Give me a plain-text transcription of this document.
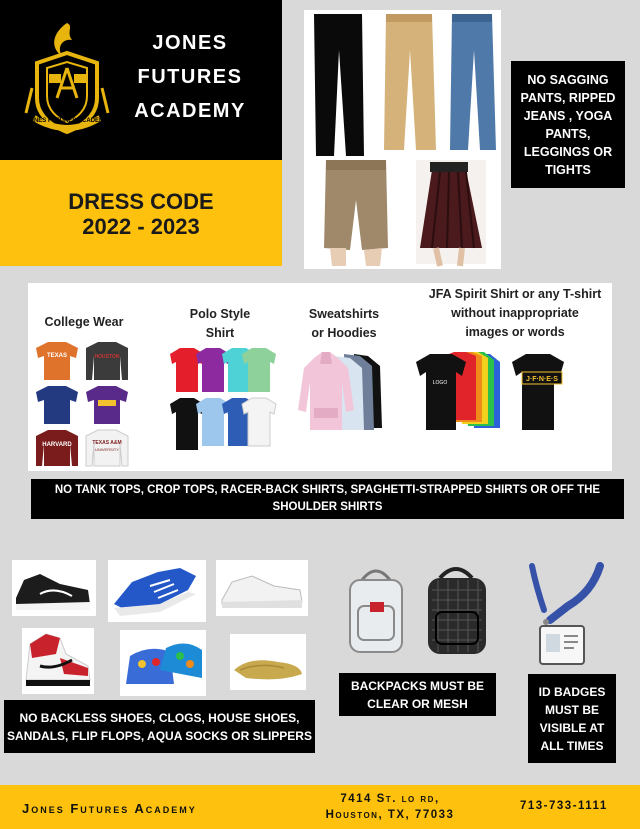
JONES FUTURES ACADEMY
JONES
FUTURES
ACADEMY
DRESS CODE
2022 - 2023
NO SAGGING
PANTS, RIPPED
JEANS , YOGA
PANTS,
LEGGINGS OR
TIGHTS
College Wear
Polo Style
Shirt
Sweatshirts
or Hoodies
JFA Spirit Shirt or any T-shirt
without inappropriate
images or words
TEXAS	HOUSTON
HARVARD	TEXAS A&M
UNIVERSITY
LOGO	J·F·N·E·S
NO TANK TOPS, CROP TOPS, RACER-BACK SHIRTS, SPAGHETTI-STRAPPED SHIRTS OR OFF THE
SHOULDER SHIRTS
NO BACKLESS SHOES, CLOGS, HOUSE SHOES,
SANDALS, FLIP FLOPS, AQUA SOCKS OR SLIPPERS
BACKPACKS MUST BE
CLEAR OR MESH
ID BADGES
MUST BE
VISIBLE AT
ALL TIMES
Jones Futures Academy
7414 St. lo rd,
Houston, TX, 77033
713-733-1111
